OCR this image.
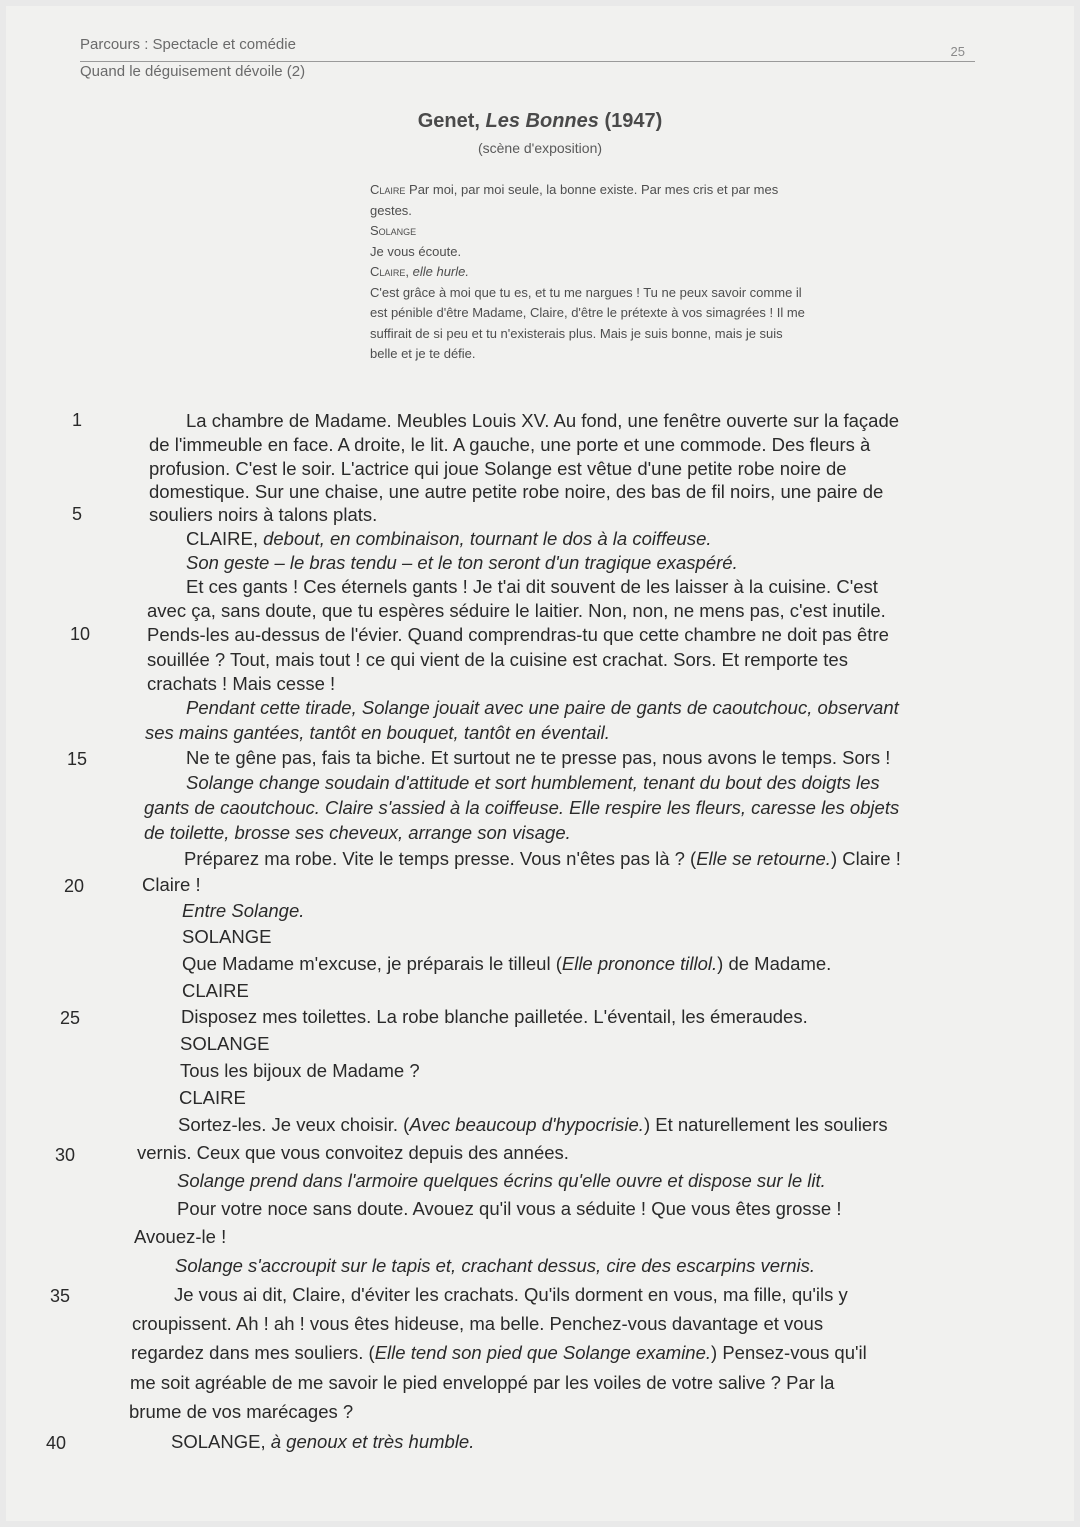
Parcours : Spectacle et comédie
Quand le déguisement dévoile (2)
25
Genet, Les Bonnes (1947)
(scène d'exposition)
Claire Par moi, par moi seule, la bonne existe. Par mes cris et par mes
gestes.
Solange
Je vous écoute.
Claire, elle hurle.
C'est grâce à moi que tu es, et tu me nargues ! Tu ne peux savoir comme il
est pénible d'être Madame, Claire, d'être le prétexte à vos simagrées ! Il me
suffirait de si peu et tu n'existerais plus. Mais je suis bonne, mais je suis
belle et je te défie.
1
5
10
15
20
25
30
35
40
La chambre de Madame. Meubles Louis XV. Au fond, une fenêtre ouverte sur la façade
de l'immeuble en face. A droite, le lit. A gauche, une porte et une commode. Des fleurs à
profusion. C'est le soir. L'actrice qui joue Solange est vêtue d'une petite robe noire de
domestique. Sur une chaise, une autre petite robe noire, des bas de fil noirs, une paire de
souliers noirs à talons plats.
CLAIRE, debout, en combinaison, tournant le dos à la coiffeuse.
Son geste – le bras tendu – et le ton seront d'un tragique exaspéré.
Et ces gants ! Ces éternels gants ! Je t'ai dit souvent de les laisser à la cuisine. C'est
avec ça, sans doute, que tu espères séduire le laitier. Non, non, ne mens pas, c'est inutile.
Pends-les au-dessus de l'évier. Quand comprendras-tu que cette chambre ne doit pas être
souillée ? Tout, mais tout ! ce qui vient de la cuisine est crachat. Sors. Et remporte tes
crachats ! Mais cesse !
Pendant cette tirade, Solange jouait avec une paire de gants de caoutchouc, observant
ses mains gantées, tantôt en bouquet, tantôt en éventail.
Ne te gêne pas, fais ta biche. Et surtout ne te presse pas, nous avons le temps. Sors !
Solange change soudain d'attitude et sort humblement, tenant du bout des doigts les
gants de caoutchouc. Claire s'assied à la coiffeuse. Elle respire les fleurs, caresse les objets
de toilette, brosse ses cheveux, arrange son visage.
Préparez ma robe. Vite le temps presse. Vous n'êtes pas là ? (Elle se retourne.) Claire !
Claire !
Entre Solange.
SOLANGE
Que Madame m'excuse, je préparais le tilleul (Elle prononce tillol.) de Madame.
CLAIRE
Disposez mes toilettes. La robe blanche pailletée. L'éventail, les émeraudes.
SOLANGE
Tous les bijoux de Madame ?
CLAIRE
Sortez-les. Je veux choisir. (Avec beaucoup d'hypocrisie.) Et naturellement les souliers
vernis. Ceux que vous convoitez depuis des années.
Solange prend dans l'armoire quelques écrins qu'elle ouvre et dispose sur le lit.
Pour votre noce sans doute. Avouez qu'il vous a séduite ! Que vous êtes grosse !
Avouez-le !
Solange s'accroupit sur le tapis et, crachant dessus, cire des escarpins vernis.
Je vous ai dit, Claire, d'éviter les crachats. Qu'ils dorment en vous, ma fille, qu'ils y
croupissent. Ah ! ah ! vous êtes hideuse, ma belle. Penchez-vous davantage et vous
regardez dans mes souliers. (Elle tend son pied que Solange examine.) Pensez-vous qu'il
me soit agréable de me savoir le pied enveloppé par les voiles de votre salive ? Par la
brume de vos marécages ?
SOLANGE, à genoux et très humble.
